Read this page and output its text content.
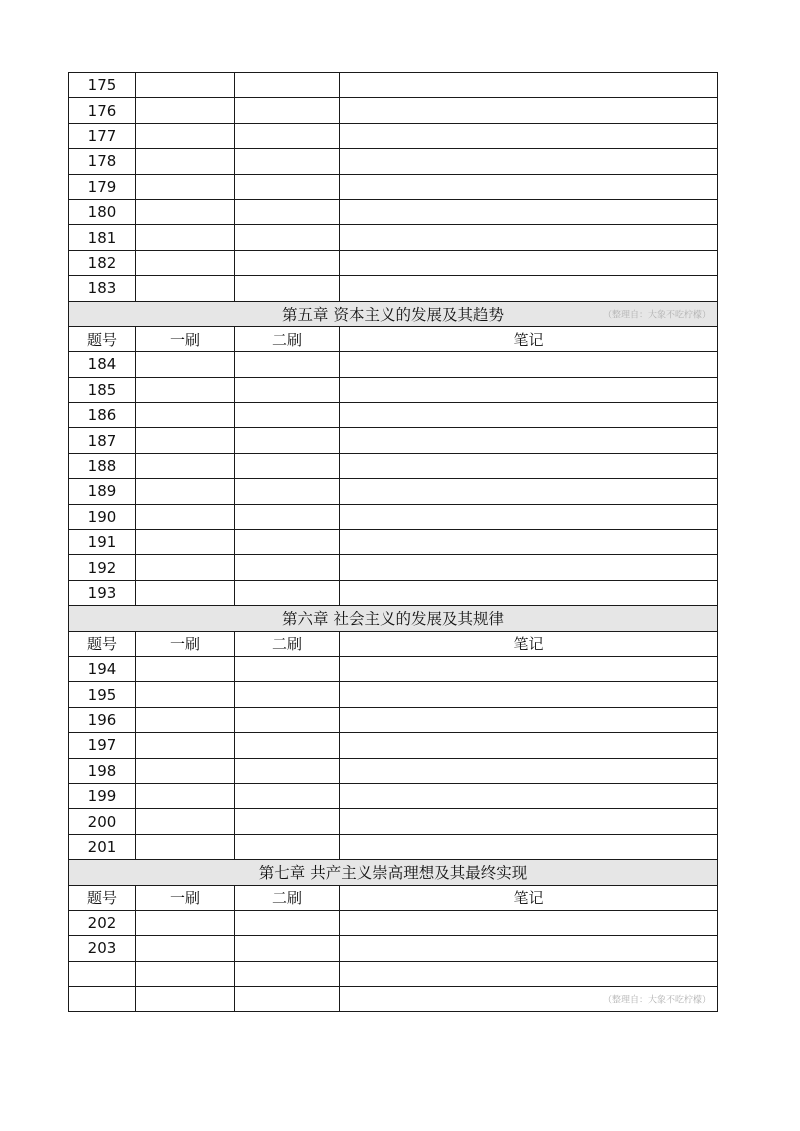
175			
176			
177			
178			
179			
180			
181			
182			
183			
第五章 资本主义的发展及其趋势 （整理自：大象不吃柠檬）			

题号	一刷	二刷	笔记
184			
185			
186			
187			
188			
189			
190			
191			
192			
193			
第六章 社会主义的发展及其规律			
题号	一刷	二刷	笔记
194			
195			
196			
197			
198			
199			
200			
201			
第七章 共产主义崇高理想及其最终实现			
题号	一刷	二刷	笔记
202			
203			

			（整理自：大象不吃柠檬）
